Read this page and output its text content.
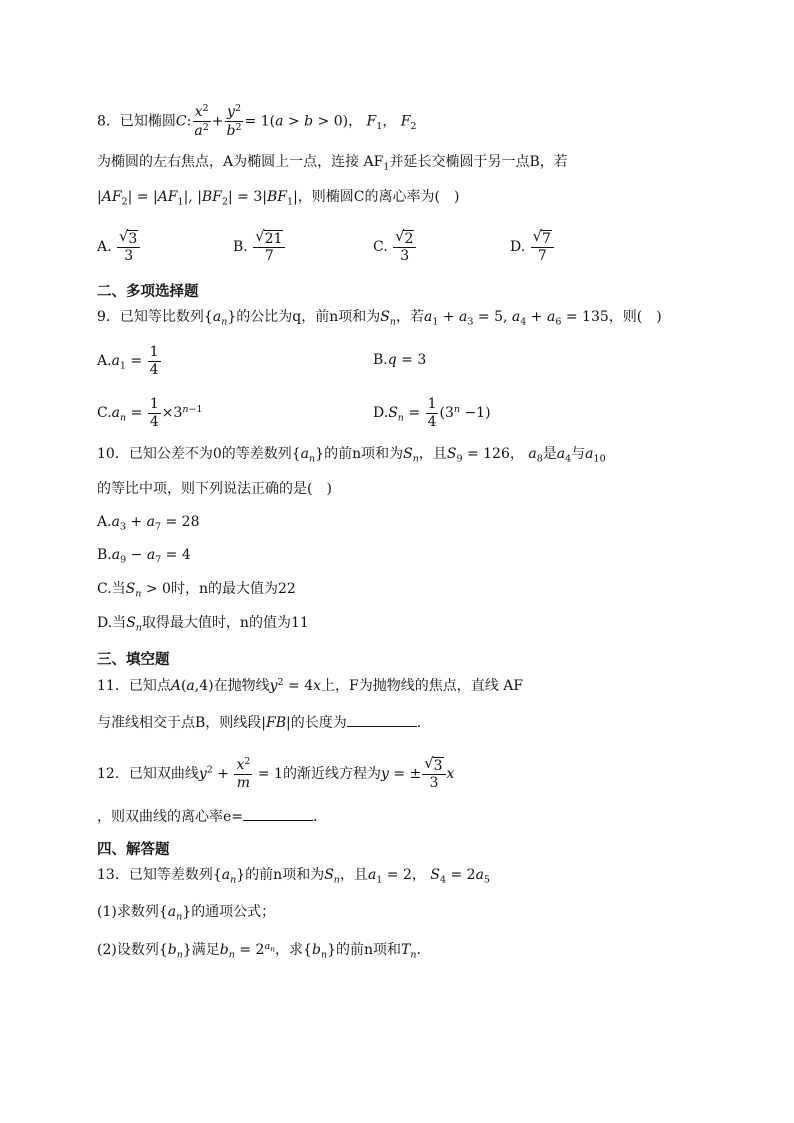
8．已知椭圆C: $\frac{x^2}{a^2} + \frac{y^2}{b^2} = 1(a > b > 0)$， $F_1$， $F_2$
为椭圆的左右焦点，A为椭圆上一点，连接 $AF_1$并延长交椭圆于另一点B，若
$|AF_2| = |AF_1|$, $|BF_2| = 3|BF_1|$，则椭圆C的离心率为(　)
A. $\frac{√ 3}{3}$	B. $\frac{√ 21}{7}$	C. $\frac{√ 2}{3}$	D. $\frac{√ 7}{7}$
二、多项选择题
9．已知等比数列$\{a_n\}$的公比为q，前n项和为$S_n$，若$a_1 + a_3 = 5$, $a_4 + a_6 = 135$，则(　)
$A.a_1 = \frac{1}{4}$	B.q = 3
$C.a_n = \frac{1}{4} \times 3^{n-1}$	$D.S_n = \frac{1}{4} (3^n -1)$
10．已知公差不为0的等差数列$\{a_n\}$的前n项和为$S_n$，且$S_9 = 126$， $a_8$是$a_4$与$a_{10}$
的等比中项，则下列说法正确的是(　)
$A.a_3 + a_7 = 28$
$B.a_9 - a_7 = 4$
C.当$S_n > 0$时，n的最大值为22
D.当$S_n$取得最大值时，n的值为11
三、填空题
11．已知点A(a,4)在抛物线$y^2 = 4x$上，F为抛物线的焦点，直线 AF
与准线相交于点B，则线段|FB|的长度为	.
12．已知双曲线$y^2 + \frac{x^2}{m} = 1$的渐近线方程为y = ± $\frac{√ 3}{3}$ x
，则双曲线的离心率e=	.
四、解答题
13．已知等差数列$\{a_n\}$的前n项和为$S_n$，且$a_1 = 2$， $S_4 = 2a_5$
(1)求数列$\{a_n\}$的通项公式；
(2)设数列$\{b_n\}$满足$b_n = 2^{a_n}$，求$\{b_n\}$的前n项和$T_n$.
